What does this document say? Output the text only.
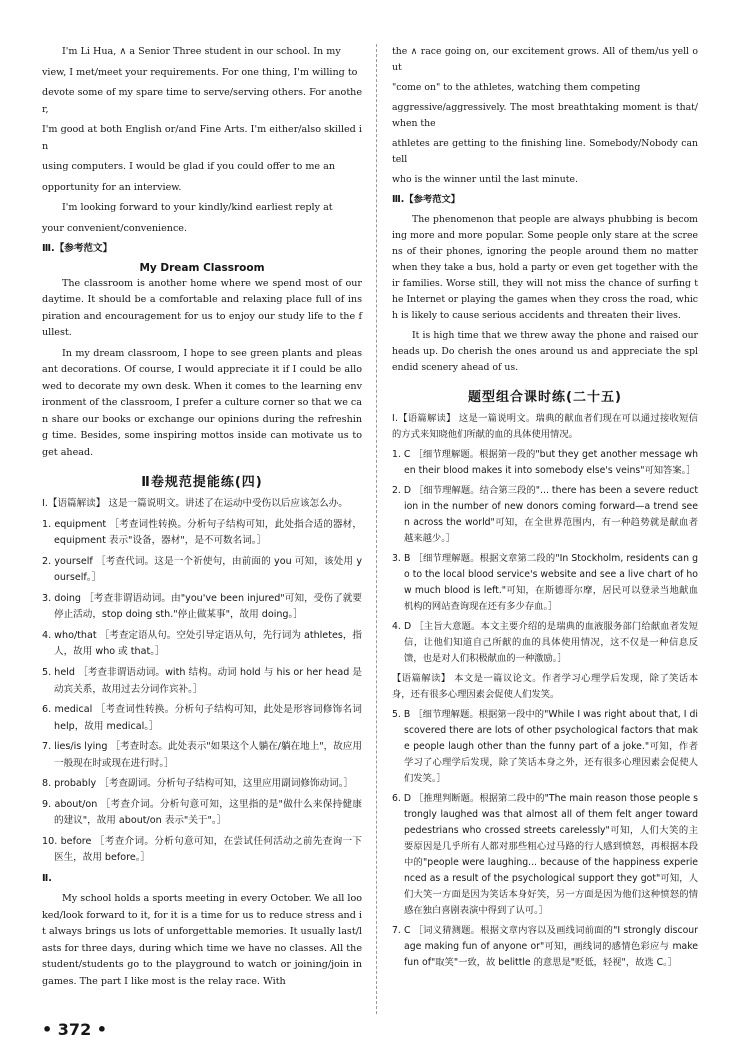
I'm Li Hua, ∧ a Senior Three student in our school. In my

view, I met/meet your requirements. For one thing, I'm willing to

devote some of my spare time to serve/serving others. For another,

I'm good at both English or/and Fine Arts. I'm either/also skilled in

using computers. I would be glad if you could offer to me an

opportunity for an interview.

I'm looking forward to your kindly/kind earliest reply at

your convenient/convenience.

Ⅲ.【参考范文】

My Dream Classroom

The classroom is another home where we spend most of our daytime. It should be a comfortable and relaxing place full of inspiration and encouragement for us to enjoy our study life to the fullest.

In my dream classroom, I hope to see green plants and pleasant decorations. Of course, I would appreciate it if I could be allowed to decorate my own desk. When it comes to the learning environment of the classroom, I prefer a culture corner so that we can share our books or exchange our opinions during the refreshing time. Besides, some inspiring mottos inside can motivate us to get ahead.

Ⅱ卷规范提能练(四)

Ⅰ.【语篇解读】 这是一篇说明文。讲述了在运动中受伤以后应该怎么办。

1. equipment ［考查词性转换。分析句子结构可知，此处指合适的器材，equipment 表示"设备，器材"，是不可数名词。］

2. yourself ［考查代词。这是一个祈使句，由前面的 you 可知，该处用 yourself。］

3. doing ［考查非谓语动词。由"you've been injured"可知，受伤了就要停止活动，stop doing sth."停止做某事"，故用 doing。］

4. who/that ［考查定语从句。空处引导定语从句，先行词为 athletes，指人，故用 who 或 that。］

5. held ［考查非谓语动词。with 结构。动词 hold 与 his or her head 是动宾关系，故用过去分词作宾补。］

6. medical ［考查词性转换。分析句子结构可知，此处是形容词修饰名词 help，故用 medical。］

7. lies/is lying ［考查时态。此处表示"如果这个人躺在/躺在地上"，故应用一般现在时或现在进行时。］

8. probably ［考查副词。分析句子结构可知，这里应用副词修饰动词。］

9. about/on ［考查介词。分析句意可知，这里指的是"做什么来保持健康的建议"，故用 about/on 表示"关于"。］

10. before ［考查介词。分析句意可知，在尝试任何活动之前先查询一下医生，故用 before。］

Ⅱ.

My school holds a sports meeting in every October. We all looked/look forward to it, for it is a time for us to reduce stress and it always brings us lots of unforgettable memories. It usually last/lasts for three days, during which time we have no classes. All the student/students go to the playground to watch or joining/join in games. The part I like most is the relay race. With

the ∧ race going on, our excitement grows. All of them/us yell out

"come on" to the athletes, watching them competing

aggressive/aggressively. The most breathtaking moment is that/when the

athletes are getting to the finishing line. Somebody/Nobody can tell

who is the winner until the last minute.

Ⅲ.【参考范文】

The phenomenon that people are always phubbing is becoming more and more popular. Some people only stare at the screens of their phones, ignoring the people around them no matter when they take a bus, hold a party or even get together with their families. Worse still, they will not miss the chance of surfing the Internet or playing the games when they cross the road, which is likely to cause serious accidents and threaten their lives.

It is high time that we threw away the phone and raised our heads up. Do cherish the ones around us and appreciate the splendid scenery ahead of us.

题型组合课时练(二十五)

Ⅰ.【语篇解读】 这是一篇说明文。瑞典的献血者们现在可以通过接收短信的方式来知晓他们所献的血的具体使用情况。

1. C ［细节理解题。根据第一段的"but they get another message when their blood makes it into somebody else's veins"可知答案。］

2. D ［细节理解题。结合第三段的"... there has been a severe reduction in the number of new donors coming forward—a trend seen across the world"可知，在全世界范围内，有一种趋势就是献血者越来越少。］

3. B ［细节理解题。根据文章第二段的"In Stockholm, residents can go to the local blood service's website and see a live chart of how much blood is left."可知，在斯德哥尔摩，居民可以登录当地献血机构的网站查询现在还有多少存血。］

4. D ［主旨大意题。本文主要介绍的是瑞典的血液服务部门给献血者发短信，让他们知道自己所献的血的具体使用情况，这不仅是一种信息反馈，也是对人们积极献血的一种激励。］

【语篇解读】 本文是一篇议论文。作者学习心理学后发现，除了笑话本身，还有很多心理因素会促使人们发笑。

5. B ［细节理解题。根据第一段中的"While I was right about that, I discovered there are lots of other psychological factors that make people laugh other than the funny part of a joke."可知，作者学习了心理学后发现，除了笑话本身之外，还有很多心理因素会促使人们发笑。］

6. D ［推理判断题。根据第二段中的"The main reason those people strongly laughed was that almost all of them felt anger toward pedestrians who crossed streets carelessly"可知，人们大笑的主要原因是几乎所有人都对那些粗心过马路的行人感到愤怒，再根据本段中的"people were laughing... because of the happiness experienced as a result of the psychological support they got"可知，人们大笑一方面是因为笑话本身好笑，另一方面是因为他们这种愤怒的情感在独白喜剧表演中得到了认可。］

7. C ［词义猜测题。根据文章内容以及画线词前面的"I strongly discourage making fun of anyone or"可知，画线词的感情色彩应与 make fun of"取笑"一致，故 belittle 的意思是"贬低，轻视"，故选 C。］

• 372 •
